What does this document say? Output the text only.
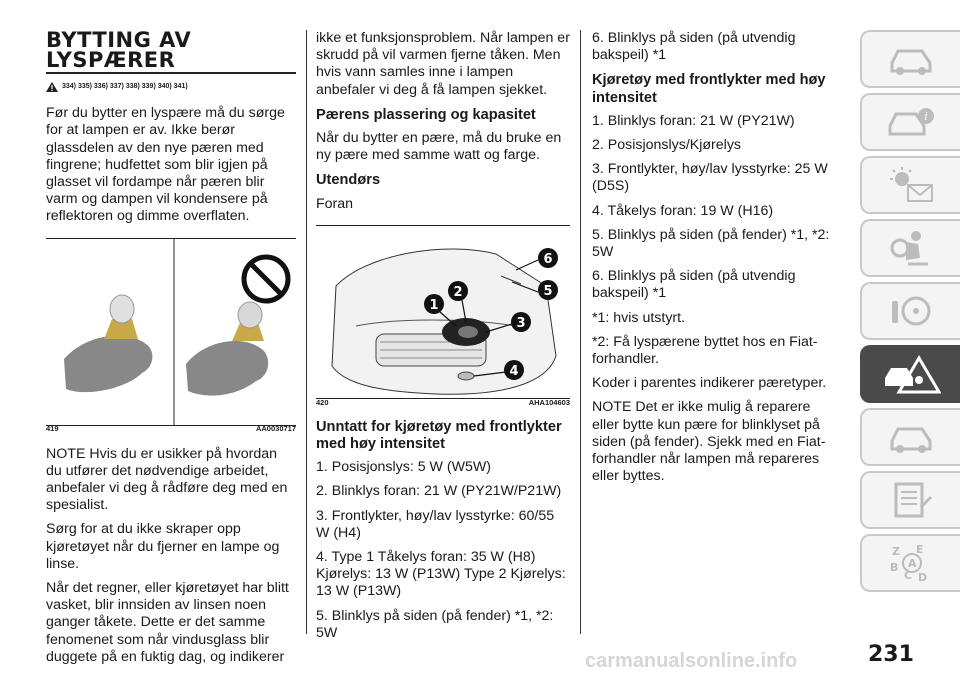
BYTTING AV
LYSPÆRER
334) 335) 336) 337) 338) 339) 340) 341)

Før du bytter en lyspære må du sørge for at lampen er av. Ikke berør glassdelen av den nye pæren med fingrene; hudfettet som blir igjen på glasset vil fordampe når pæren blir varm og dampen vil kondensere på reflektoren og dimme overflaten.

419	AA0030717

NOTE Hvis du er usikker på hvordan du utfører det nødvendige arbeidet, anbefaler vi deg å rådføre deg med en spesialist.

Sørg for at du ikke skraper opp kjøretøyet når du fjerner en lampe og linse.

Når det regner, eller kjøretøyet har blitt vasket, blir innsiden av linsen noen ganger tåkete. Dette er det samme fenomenet som når vindusglass blir duggete på en fuktig dag, og indikerer

ikke et funksjonsproblem. Når lampen er skrudd på vil varmen fjerne tåken. Men hvis vann samles inne i lampen anbefaler vi deg å få lampen sjekket.

Pærens plassering og kapasitet

Når du bytter en pære, må du bruke en ny pære med samme watt og farge.

Utendørs

Foran

1
2
3
4
5
6
420	AHA104603
Unntatt for kjøretøy med frontlykter med høy intensitet

1. Posisjonslys: 5 W (W5W)

2. Blinklys foran: 21 W (PY21W/P21W)

3. Frontlykter, høy/lav lysstyrke: 60/55 W (H4)

4. Type 1 Tåkelys foran: 35 W (H8) Kjørelys: 13 W (P13W) Type 2 Kjørelys: 13 W (P13W)

5. Blinklys på siden (på fender) *1, *2: 5W

6. Blinklys på siden (på utvendig bakspeil) *1

Kjøretøy med frontlykter med høy intensitet

1. Blinklys foran: 21 W (PY21W)

2. Posisjonslys/Kjørelys

3. Frontlykter, høy/lav lysstyrke: 25 W (D5S)

4. Tåkelys foran: 19 W (H16)

5. Blinklys på siden (på fender) *1, *2: 5W

6. Blinklys på siden (på utvendig bakspeil) *1

*1: hvis utstyrt.

*2: Få lyspærene byttet hos en Fiat-forhandler.

Koder i parentes indikerer pæretyper.

NOTE Det er ikke mulig å reparere eller bytte kun pære for blinklyset på siden (på fender). Sjekk med en Fiat-forhandler når lampen må repareres eller byttes.

i
Z E
B
C D
A
231
carmanualsonline.info
